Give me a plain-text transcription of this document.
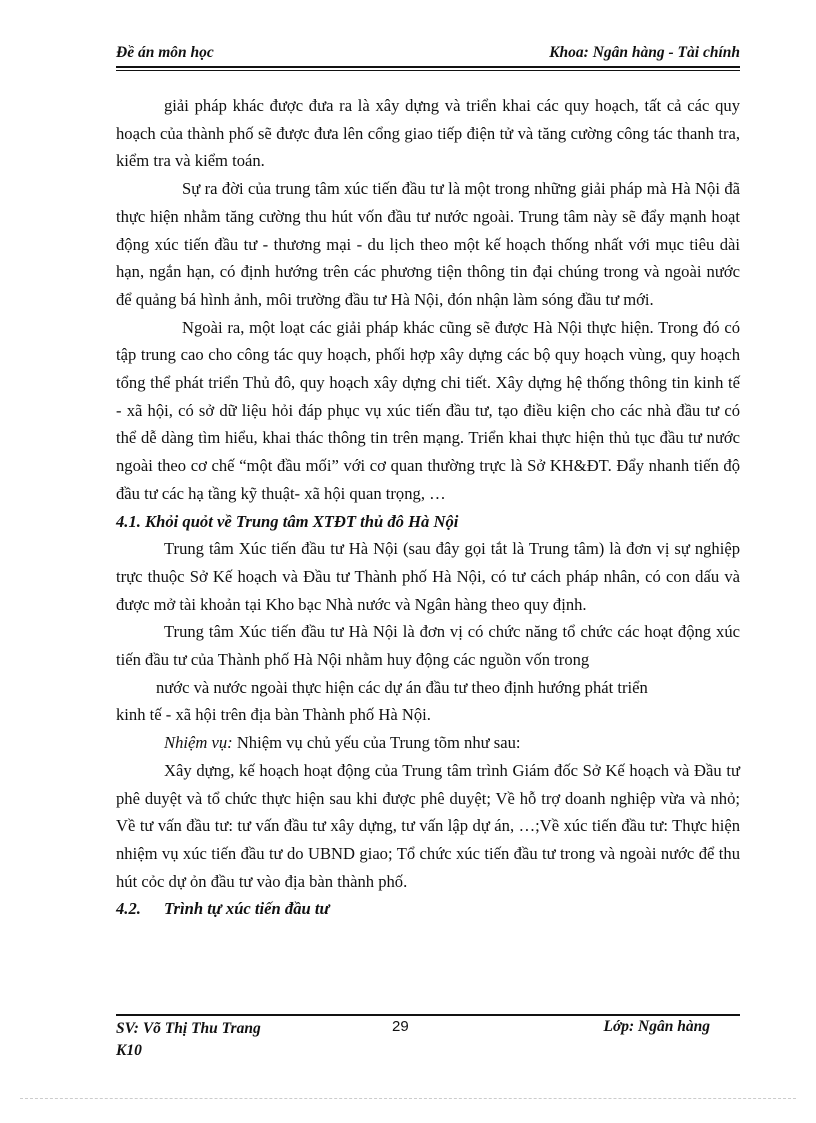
Đề án môn học	Khoa: Ngân hàng - Tài chính

giải pháp khác được đưa ra là xây dựng và triển khai các quy hoạch, tất cả các quy hoạch của thành phố sẽ được đưa lên cổng giao tiếp điện tử và tăng cường công tác thanh tra, kiểm tra và kiểm toán.

Sự ra đời của trung tâm xúc tiến đầu tư là một trong những giải pháp mà Hà Nội đã thực hiện nhằm tăng cường thu hút vốn đầu tư nước ngoài. Trung tâm này sẽ đẩy mạnh hoạt động xúc tiến đầu tư - thương mại - du lịch theo một kế hoạch thống nhất với mục tiêu dài hạn, ngắn hạn, có định hướng trên các phương tiện thông tin đại chúng trong và ngoài nước để quảng bá hình ảnh, môi trường đầu tư Hà Nội, đón nhận làm sóng đầu tư mới.

Ngoài ra, một loạt các giải pháp khác cũng sẽ được Hà Nội thực hiện. Trong đó có tập trung cao cho công tác quy hoạch, phối hợp xây dựng các bộ quy hoạch vùng, quy hoạch tổng thể phát triển Thủ đô, quy hoạch xây dựng chi tiết. Xây dựng hệ thống thông tin kinh tế - xã hội, có sở dữ liệu hỏi đáp phục vụ xúc tiến đầu tư, tạo điều kiện cho các nhà đầu tư có thể dễ dàng tìm hiểu, khai thác thông tin trên mạng. Triển khai thực hiện thủ tục đầu tư nước ngoài theo cơ chế “một đầu mối” với cơ quan thường trực là Sở KH&ĐT. Đẩy nhanh tiến độ đầu tư các hạ tầng kỹ thuật- xã hội quan trọng, …

4.1. Khỏi quỏt về Trung tâm XTĐT thủ đô Hà Nội

Trung tâm Xúc tiến đầu tư Hà Nội (sau đây gọi tắt là Trung tâm) là đơn vị sự nghiệp trực thuộc Sở Kế hoạch và Đầu tư Thành phố Hà Nội, có tư cách pháp nhân, có con dấu và được mở tài khoản tại Kho bạc Nhà nước và Ngân hàng theo quy định.

Trung tâm Xúc tiến đầu tư Hà Nội là đơn vị có chức năng tổ chức các hoạt động xúc tiến đầu tư của Thành phố Hà Nội nhằm huy động các nguồn vốn trong

nước và nước ngoài thực hiện các dự án đầu tư theo định hướng phát triển

kinh tế - xã hội trên địa bàn Thành phố Hà Nội.

Nhiệm vụ: Nhiệm vụ chủ yếu của Trung tõm như sau:

Xây dựng, kế hoạch hoạt động của Trung tâm trình Giám đốc Sở Kế hoạch và Đầu tư phê duyệt và tổ chức thực hiện sau khi được phê duyệt; Về hỗ trợ doanh nghiệp vừa và nhỏ; Về tư vấn đầu tư: tư vấn đầu tư xây dựng, tư vấn lập dự án, …;Về xúc tiến đầu tư: Thực hiện nhiệm vụ xúc tiến đầu tư do UBND giao; Tổ chức xúc tiến đầu tư trong và ngoài nước để thu hút cỏc dự ỏn đầu tư vào địa bàn thành phố.

4.2. Trình tự xúc tiến đầu tư

SV: Võ Thị Thu Trang
K10
29	Lớp: Ngân hàng
